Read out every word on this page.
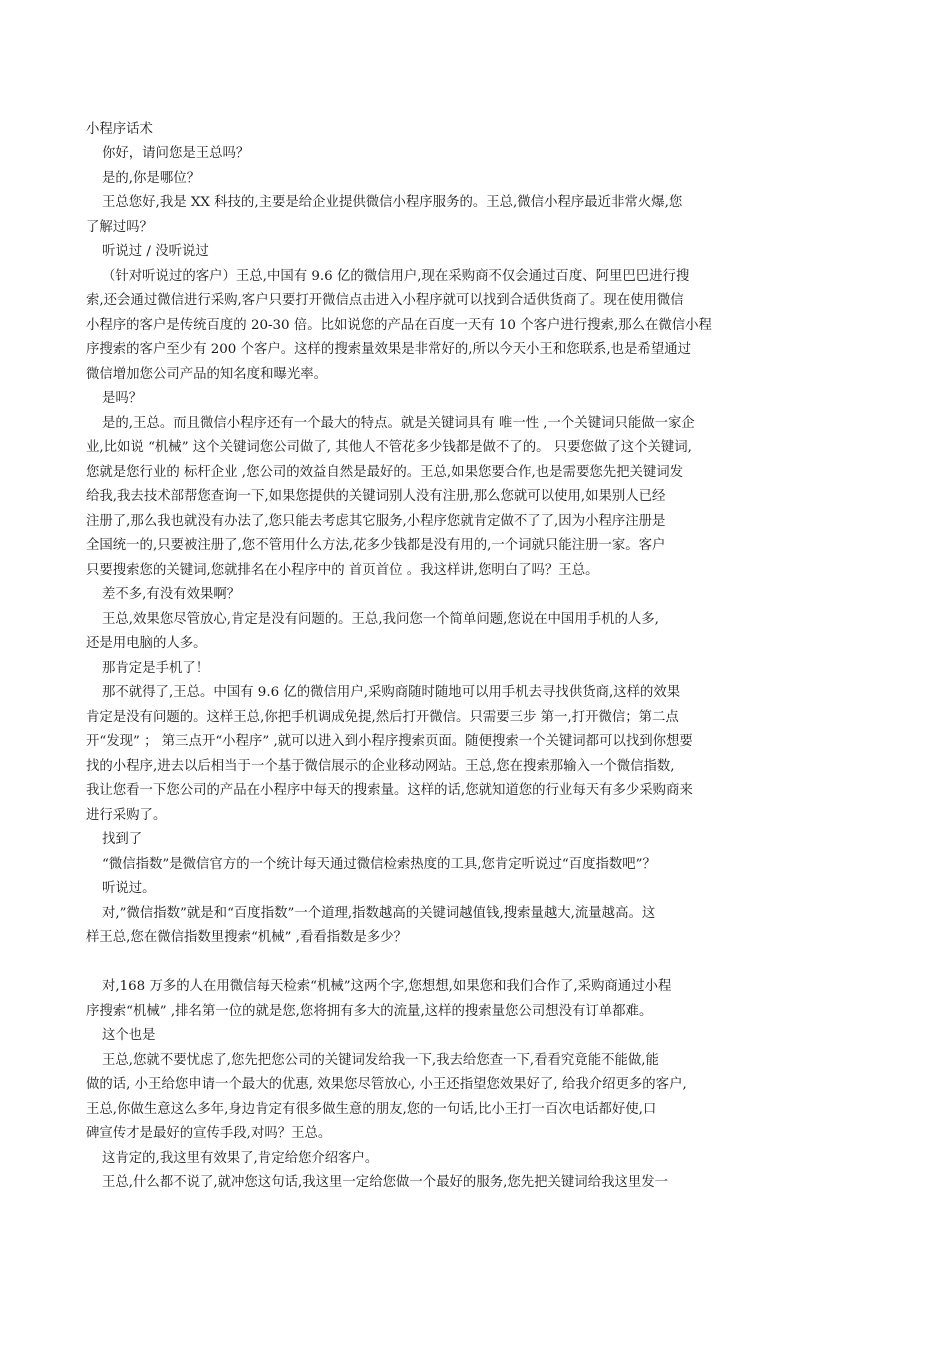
小程序话术
你好，请问您是王总吗？
是的,你是哪位？
王总您好,我是 XX 科技的,主要是给企业提供微信小程序服务的。王总,微信小程序最近非常火爆,您
了解过吗？
听说过 / 没听说过
（针对听说过的客户）王总,中国有 9.6 亿的微信用户,现在采购商不仅会通过百度、阿里巴巴进行搜
索,还会通过微信进行采购,客户只要打开微信点击进入小程序就可以找到合适供货商了。现在使用微信
小程序的客户是传统百度的 20-30 倍。比如说您的产品在百度一天有 10 个客户进行搜索,那么在微信小程
序搜索的客户至少有 200 个客户。这样的搜索量效果是非常好的,所以今天小王和您联系,也是希望通过
微信增加您公司产品的知名度和曝光率。
是吗？
是的,王总。而且微信小程序还有一个最大的特点。就是关键词具有 唯一性 ,一个关键词只能做一家企
业,比如说 “机械” 这个关键词您公司做了, 其他人不管花多少钱都是做不了的。 只要您做了这个关键词,
您就是您行业的 标杆企业 ,您公司的效益自然是最好的。王总,如果您要合作,也是需要您先把关键词发
给我,我去技术部帮您查询一下,如果您提供的关键词别人没有注册,那么您就可以使用,如果别人已经
注册了,那么我也就没有办法了,您只能去考虑其它服务,小程序您就肯定做不了了,因为小程序注册是
全国统一的,只要被注册了,您不管用什么方法,花多少钱都是没有用的,一个词就只能注册一家。客户
只要搜索您的关键词,您就排名在小程序中的 首页首位 。我这样讲,您明白了吗？王总。
差不多,有没有效果啊？
王总,效果您尽管放心,肯定是没有问题的。王总,我问您一个简单问题,您说在中国用手机的人多,
还是用电脑的人多。
那肯定是手机了！
那不就得了,王总。中国有 9.6 亿的微信用户,采购商随时随地可以用手机去寻找供货商,这样的效果
肯定是没有问题的。这样王总,你把手机调成免提,然后打开微信。只需要三步 第一,打开微信；第二点
开“发现” ； 第三点开“小程序” ,就可以进入到小程序搜索页面。随便搜索一个关键词都可以找到你想要
找的小程序,进去以后相当于一个基于微信展示的企业移动网站。王总,您在搜索那输入一个微信指数,
我让您看一下您公司的产品在小程序中每天的搜索量。这样的话,您就知道您的行业每天有多少采购商来
进行采购了。
找到了
“微信指数”是微信官方的一个统计每天通过微信检索热度的工具,您肯定听说过“百度指数吧”？
听说过。
对,”微信指数”就是和“百度指数”一个道理,指数越高的关键词越值钱,搜索量越大,流量越高。这
样王总,您在微信指数里搜索“机械” ,看看指数是多少？
对,168 万多的人在用微信每天检索“机械”这两个字,您想想,如果您和我们合作了,采购商通过小程
序搜索“机械” ,排名第一位的就是您,您将拥有多大的流量,这样的搜索量您公司想没有订单都难。
这个也是
王总,您就不要忧虑了,您先把您公司的关键词发给我一下,我去给您查一下,看看究竟能不能做,能
做的话, 小王给您申请一个最大的优惠, 效果您尽管放心, 小王还指望您效果好了, 给我介绍更多的客户,
王总,你做生意这么多年,身边肯定有很多做生意的朋友,您的一句话,比小王打一百次电话都好使,口
碑宣传才是最好的宣传手段,对吗？王总。
这肯定的,我这里有效果了,肯定给您介绍客户。
王总,什么都不说了,就冲您这句话,我这里一定给您做一个最好的服务,您先把关键词给我这里发一
